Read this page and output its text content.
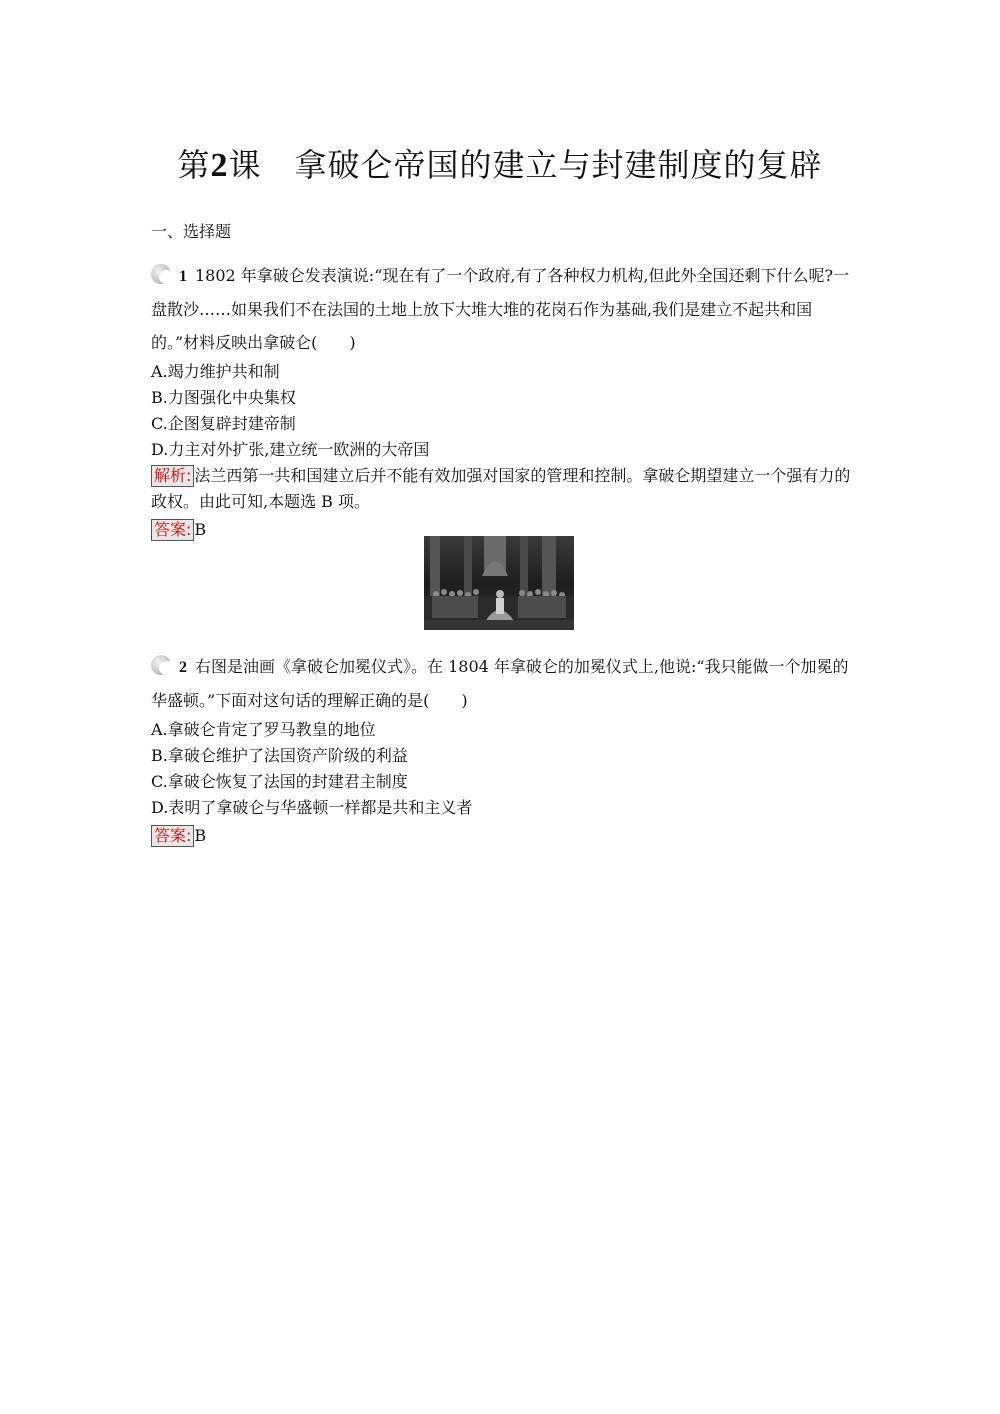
第2课　拿破仑帝国的建立与封建制度的复辟
一、选择题
1 1802 年拿破仑发表演说:“现在有了一个政府,有了各种权力机构,但此外全国还剩下什么呢?一盘散沙……如果我们不在法国的土地上放下大堆大堆的花岗石作为基础,我们是建立不起共和国的。”材料反映出拿破仑(　　)
A.竭力维护共和制
B.力图强化中央集权
C.企图复辟封建帝制
D.力主对外扩张,建立统一欧洲的大帝国
解析: 法兰西第一共和国建立后并不能有效加强对国家的管理和控制。拿破仑期望建立一个强有力的政权。由此可知,本题选 B 项。
答案: B
2 右图是油画《拿破仑加冕仪式》。在 1804 年拿破仑的加冕仪式上,他说:“我只能做一个加冕的华盛顿。”下面对这句话的理解正确的是(　　)
A.拿破仑肯定了罗马教皇的地位
B.拿破仑维护了法国资产阶级的利益
C.拿破仑恢复了法国的封建君主制度
D.表明了拿破仑与华盛顿一样都是共和主义者
答案: B
